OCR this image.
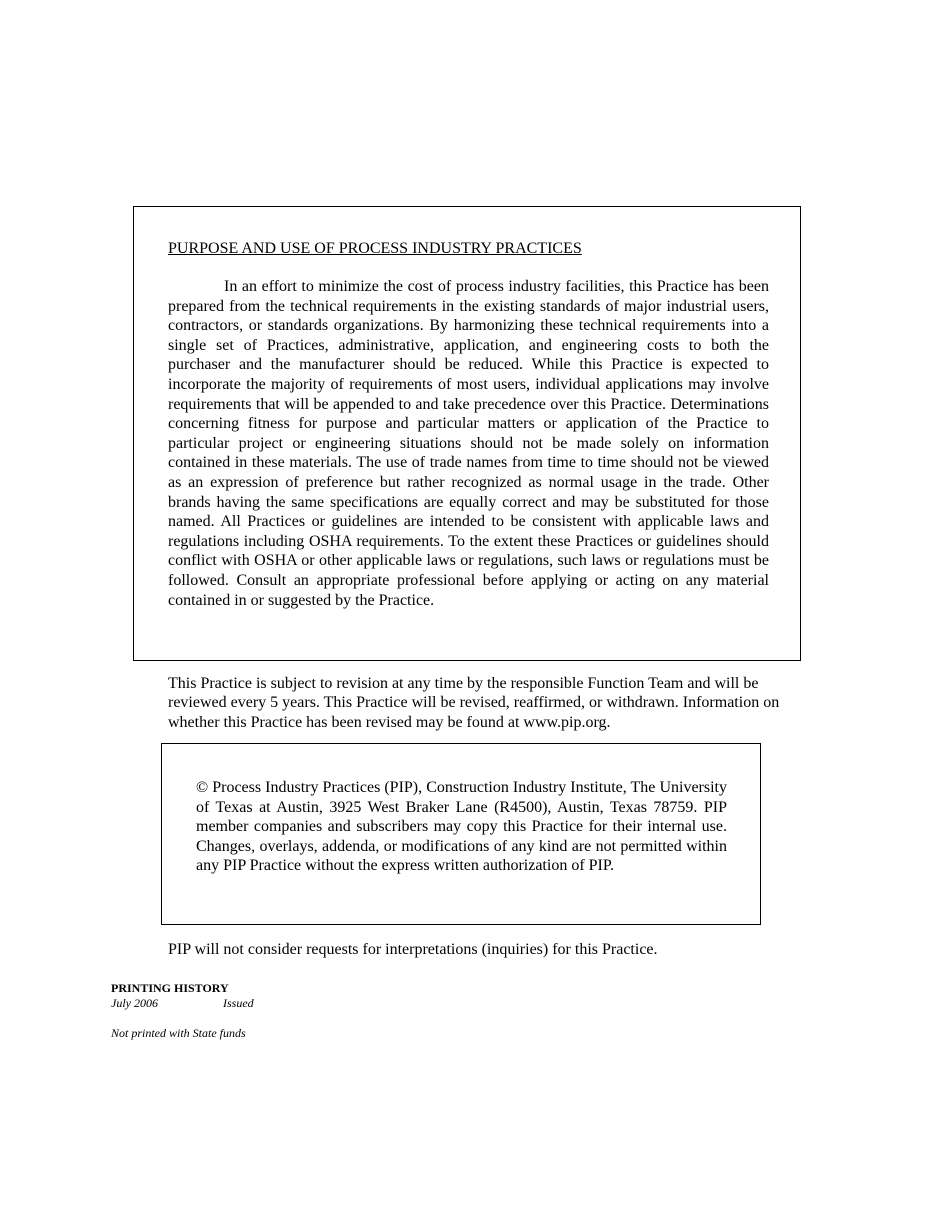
PURPOSE AND USE OF PROCESS INDUSTRY PRACTICES

In an effort to minimize the cost of process industry facilities, this Practice has been prepared from the technical requirements in the existing standards of major industrial users, contractors, or standards organizations. By harmonizing these technical requirements into a single set of Practices, administrative, application, and engineering costs to both the purchaser and the manufacturer should be reduced. While this Practice is expected to incorporate the majority of requirements of most users, individual applications may involve requirements that will be appended to and take precedence over this Practice. Determinations concerning fitness for purpose and particular matters or application of the Practice to particular project or engineering situations should not be made solely on information contained in these materials. The use of trade names from time to time should not be viewed as an expression of preference but rather recognized as normal usage in the trade. Other brands having the same specifications are equally correct and may be substituted for those named. All Practices or guidelines are intended to be consistent with applicable laws and regulations including OSHA requirements. To the extent these Practices or guidelines should conflict with OSHA or other applicable laws or regulations, such laws or regulations must be followed. Consult an appropriate professional before applying or acting on any material contained in or suggested by the Practice.

This Practice is subject to revision at any time by the responsible Function Team and will be reviewed every 5 years. This Practice will be revised, reaffirmed, or withdrawn. Information on whether this Practice has been revised may be found at www.pip.org.

© Process Industry Practices (PIP), Construction Industry Institute, The University of Texas at Austin, 3925 West Braker Lane (R4500), Austin, Texas 78759. PIP member companies and subscribers may copy this Practice for their internal use. Changes, overlays, addenda, or modifications of any kind are not permitted within any PIP Practice without the express written authorization of PIP.

PIP will not consider requests for interpretations (inquiries) for this Practice.

PRINTING HISTORY
July 2006	Issued
Not printed with State funds
